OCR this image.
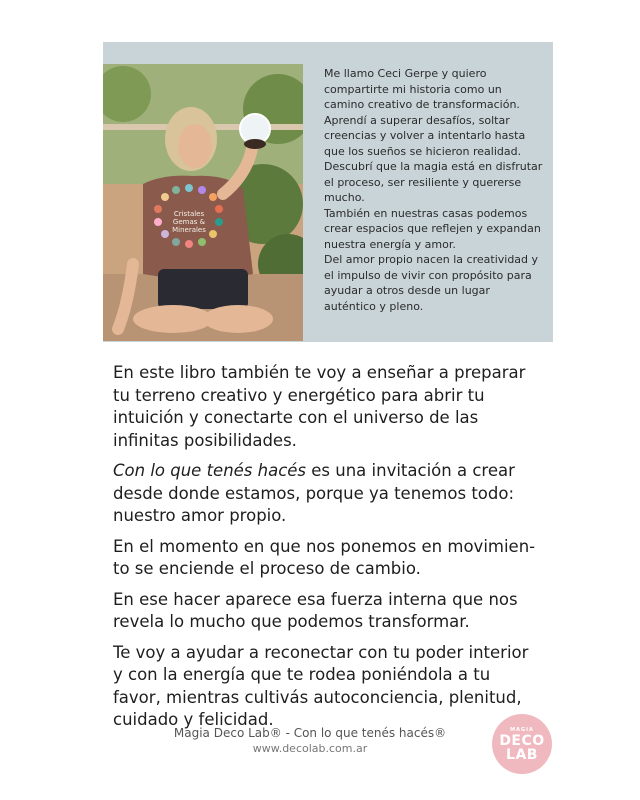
Cristales
Gemas &
Minerales

Me llamo Ceci Gerpe y quiero compartirte mi historia como un camino creativo de transformación. Aprendí a superar desafíos, soltar creencias y volver a intentarlo hasta que los sueños se hicieron realidad. Descubrí que la magia está en disfrutar el proceso, ser resiliente y quererse mucho.

También en nuestras casas podemos crear espacios que reflejen y expandan nuestra energía y amor.

Del amor propio nacen la creatividad y el impulso de vivir con propósito para ayudar a otros desde un lugar auténtico y pleno.

En este libro también te voy a enseñar a preparar tu terreno creativo y energético para abrir tu intuición y conectarte con el universo de las infinitas posibilidades.

Con lo que tenés hacés es una invitación a crear desde donde estamos, porque ya tenemos todo: nuestro amor propio.

En el momento en que nos ponemos en movimien-to se enciende el proceso de cambio.

En ese hacer aparece esa fuerza interna que nos revela lo mucho que podemos transformar.

Te voy a ayudar a reconectar con tu poder interior y con la energía que te rodea poniéndola a tu favor, mientras cultivás autoconciencia, plenitud, cuidado y felicidad.

Magia Deco Lab® - Con lo que tenés hacés®
www.decolab.com.ar
MAGIA
DECO
LAB
